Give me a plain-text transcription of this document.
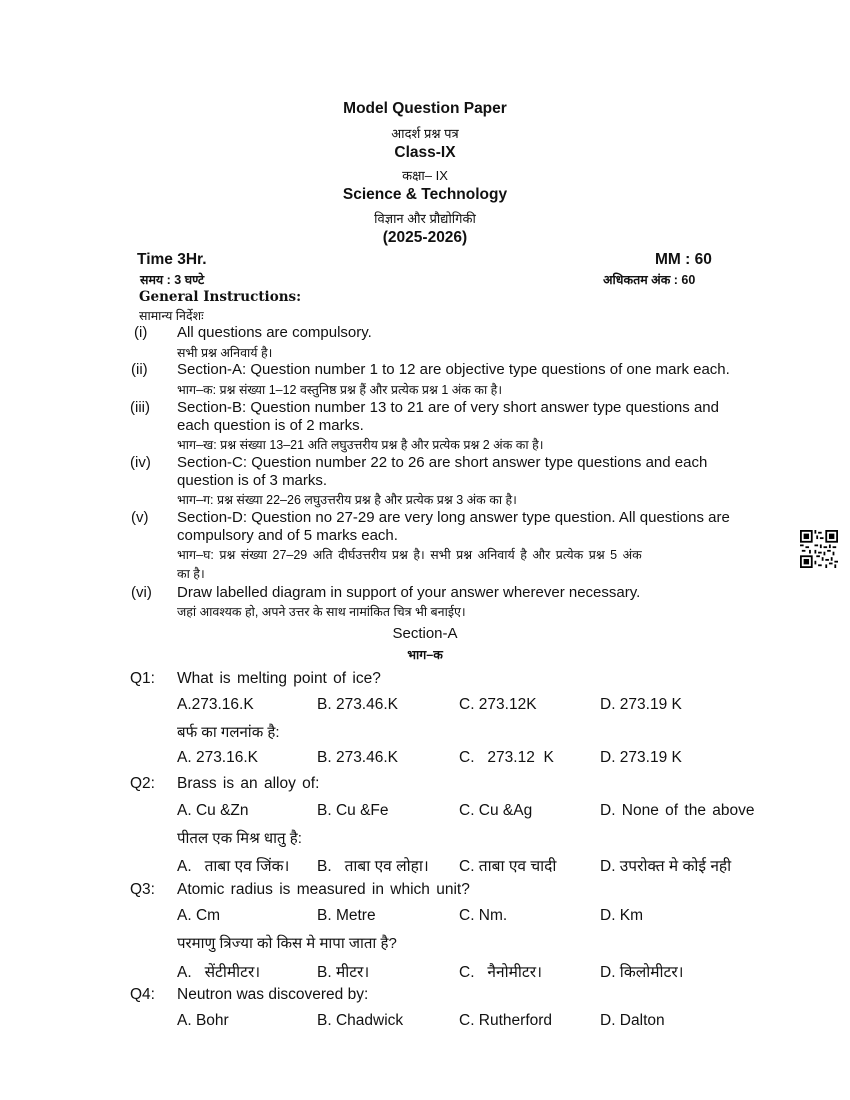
Model Question Paper
आदर्श प्रश्न पत्र
Class-IX
कक्षा– IX
Science & Technology
विज्ञान और प्रौद्योगिकी
(2025-2026)
Time 3Hr.
समय : 3 घण्टे
MM : 60
अधिकतम अंक : 60
General Instructions:
सामान्य निर्देशः
(i) All questions are compulsory.
सभी प्रश्न अनिवार्य है।
(ii) Section-A: Question number 1 to 12 are objective type questions of one mark each.
भाग–क: प्रश्न संख्या 1–12 वस्तुनिष्ठ प्रश्न हैं और प्रत्येक प्रश्न 1 अंक का है।
(iii) Section-B: Question number 13 to 21 are of very short answer type questions and
each question is of 2 marks.
भाग–ख: प्रश्न संख्या 13–21 अति लघुउत्तरीय प्रश्न है और प्रत्येक प्रश्न 2 अंक का है।
(iv) Section-C: Question number 22 to 26 are short answer type questions and each
question is of 3 marks.
भाग–ग: प्रश्न संख्या 22–26 लघुउत्तरीय प्रश्न है और प्रत्येक प्रश्न 3 अंक का है।
(v) Section-D: Question no 27-29 are very long answer type question. All questions are
compulsory and of 5 marks each.
भाग–घ: प्रश्न संख्या 27–29 अति दीर्घउत्तरीय प्रश्न है। सभी प्रश्न अनिवार्य है और प्रत्येक प्रश्न 5 अंक
का है।
(vi) Draw labelled diagram in support of your answer wherever necessary.
जहां आवश्यक हो, अपने उत्तर के साथ नामांकित चित्र भी बनाईए।
Section-A
भाग–क
Q1: What is melting point of ice?
A.273.16.K	B. 273.46.K	C. 273.12K	D. 273.19 K
बर्फ का गलनांक है:
A. 273.16.K	B. 273.46.K	C.   273.12  K	D. 273.19 K
Q2: Brass is an alloy of:
A. Cu &Zn	B. Cu &Fe	C. Cu &Ag	D. None of the above
पीतल एक मिश्र धातु है:
A.   ताबा एव जिंक। B.   ताबा एव लोहा। C. ताबा एव चादी	D. उपरोक्त मे कोई नही
Q3: Atomic radius is measured in which unit?
A. Cm	B. Metre	C. Nm.	D. Km
परमाणु त्रिज्या को किस मे मापा जाता है?
A.   सेंटीमीटर।	B. मीटर।	C.   नैनोमीटर।	D. किलोमीटर।
Q4: Neutron was discovered by:
A. Bohr	B. Chadwick	C. Rutherford	D. Dalton
